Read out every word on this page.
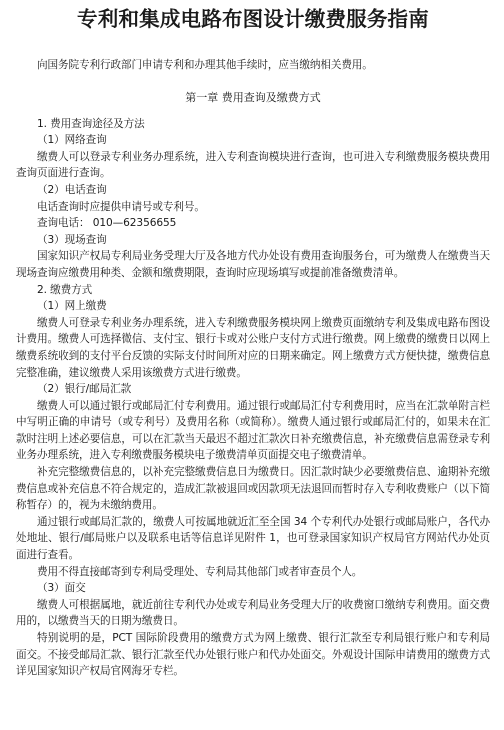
专利和集成电路布图设计缴费服务指南

向国务院专利行政部门申请专利和办理其他手续时，应当缴纳相关费用。

第一章 费用查询及缴费方式

1. 费用查询途径及方法

（1）网络查询

缴费人可以登录专利业务办理系统，进入专利查询模块进行查询，也可进入专利缴费服务模块费用查询页面进行查询。

（2）电话查询

电话查询时应提供申请号或专利号。

查询电话： 010—62356655

（3）现场查询

国家知识产权局专利局业务受理大厅及各地方代办处设有费用查询服务台，可为缴费人在缴费当天现场查询应缴费用种类、金额和缴费期限，查询时应现场填写或提前准备缴费清单。

2. 缴费方式

（1）网上缴费

缴费人可登录专利业务办理系统，进入专利缴费服务模块网上缴费页面缴纳专利及集成电路布图设计费用。缴费人可选择微信、支付宝、银行卡或对公账户支付方式进行缴费。网上缴费的缴费日以网上缴费系统收到的支付平台反馈的实际支付时间所对应的日期来确定。网上缴费方式方便快捷，缴费信息完整准确，建议缴费人采用该缴费方式进行缴费。

（2）银行/邮局汇款

缴费人可以通过银行或邮局汇付专利费用。通过银行或邮局汇付专利费用时，应当在汇款单附言栏中写明正确的申请号（或专利号）及费用名称（或简称）。缴费人通过银行或邮局汇付的，如果未在汇款时注明上述必要信息，可以在汇款当天最迟不超过汇款次日补充缴费信息，补充缴费信息需登录专利业务办理系统，进入专利缴费服务模块电子缴费清单页面提交电子缴费清单。

补充完整缴费信息的，以补充完整缴费信息日为缴费日。因汇款时缺少必要缴费信息、逾期补充缴费信息或补充信息不符合规定的，造成汇款被退回或因款项无法退回而暂时存入专利收费账户（以下简称暂存）的，视为未缴纳费用。

通过银行或邮局汇款的，缴费人可按属地就近汇至全国 34 个专利代办处银行或邮局账户，各代办处地址、银行/邮局账户以及联系电话等信息详见附件 1，也可登录国家知识产权局官方网站代办处页面进行查看。

费用不得直接邮寄到专利局受理处、专利局其他部门或者审查员个人。

（3）面交

缴费人可根据属地，就近前往专利代办处或专利局业务受理大厅的收费窗口缴纳专利费用。面交费用的，以缴费当天的日期为缴费日。

特别说明的是，PCT 国际阶段费用的缴费方式为网上缴费、银行汇款至专利局银行账户和专利局面交。不接受邮局汇款、银行汇款至代办处银行账户和代办处面交。外观设计国际申请费用的缴费方式详见国家知识产权局官网海牙专栏。
